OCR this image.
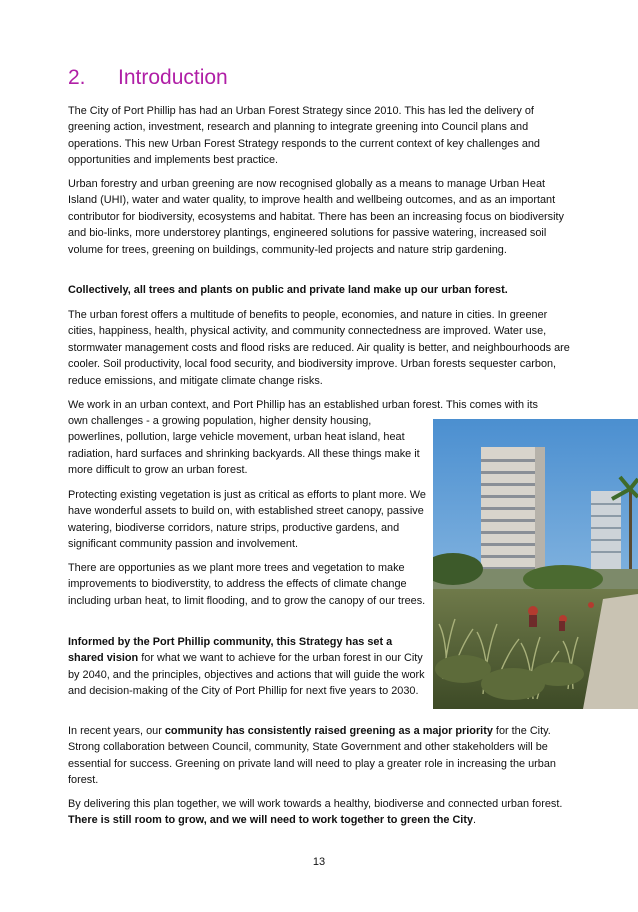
2.	Introduction

The City of Port Phillip has had an Urban Forest Strategy since 2010. This has led the delivery of greening action, investment, research and planning to integrate greening into Council plans and operations. This new Urban Forest Strategy responds to the current context of key challenges and opportunities and implements best practice.

Urban forestry and urban greening are now recognised globally as a means to manage Urban Heat Island (UHI), water and water quality, to improve health and wellbeing outcomes, and as an important contributor for biodiversity, ecosystems and habitat. There has been an increasing focus on biodiversity and bio-links, more understorey plantings, engineered solutions for passive watering, increased soil volume for trees, greening on buildings, community-led projects and nature strip gardening.

Collectively, all trees and plants on public and private land make up our urban forest.

The urban forest offers a multitude of benefits to people, economies, and nature in cities. In greener cities, happiness, health, physical activity, and community connectedness are improved. Water use, stormwater management costs and flood risks are reduced. Air quality is better, and neighbourhoods are cooler. Soil productivity, local food security, and biodiversity improve. Urban forests sequester carbon, reduce emissions, and mitigate climate change risks.

We work in an urban context, and Port Phillip has an established urban forest. This comes with its

own challenges - a growing population, higher density housing, powerlines, pollution, large vehicle movement, urban heat island, heat radiation, hard surfaces and shrinking backyards. All these things make it more difficult to grow an urban forest.

Protecting existing vegetation is just as critical as efforts to plant more. We have wonderful assets to build on, with established street canopy, passive watering, biodiverse corridors, nature strips, productive gardens, and significant community passion and involvement.

There are opportunies as we plant more trees and vegetation to make improvements to biodiverstity, to address the effects of climate change including urban heat, to limit flooding, and to grow the canopy of our trees.

Informed by the Port Phillip community, this Strategy has set a shared vision for what we want to achieve for the urban forest in our City by 2040, and the principles, objectives and actions that will guide the work and decision-making of the City of Port Phillip for next five years to 2030.

In recent years, our community has consistently raised greening as a major priority for the City. Strong collaboration between Council, community, State Government and other stakeholders will be essential for success. Greening on private land will need to play a greater role in increasing the urban forest.

By delivering this plan together, we will work towards a healthy, biodiverse and connected urban forest. There is still room to grow, and we will need to work together to green the City.

13
